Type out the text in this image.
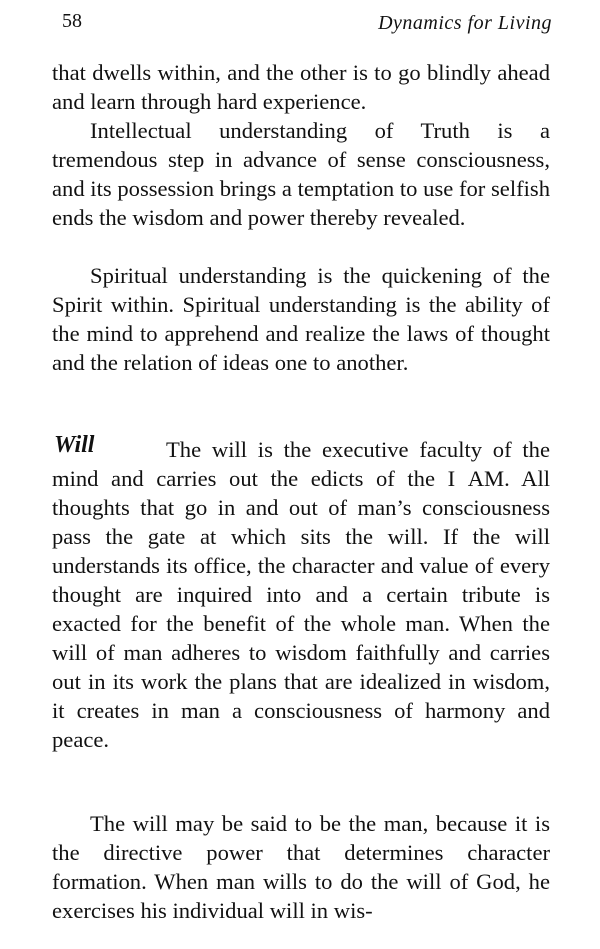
58	Dynamics for Living

that dwells within, and the other is to go blindly ahead and learn through hard experience.

Intellectual understanding of Truth is a tremendous step in advance of sense consciousness, and its possession brings a temptation to use for selfish ends the wisdom and power thereby revealed.

Spiritual understanding is the quickening of the Spirit within. Spiritual understanding is the ability of the mind to apprehend and realize the laws of thought and the relation of ideas one to another.

Will	The will is the executive faculty of the mind and carries out the edicts of the I AM. All thoughts that go in and out of man’s consciousness pass the gate at which sits the will. If the will understands its office, the character and value of every thought are inquired into and a certain tribute is exacted for the benefit of the whole man. When the will of man adheres to wisdom faithfully and carries out in its work the plans that are idealized in wisdom, it creates in man a consciousness of harmony and peace.

The will may be said to be the man, because it is the directive power that determines character formation. When man wills to do the will of God, he exercises his individual will in wis-
